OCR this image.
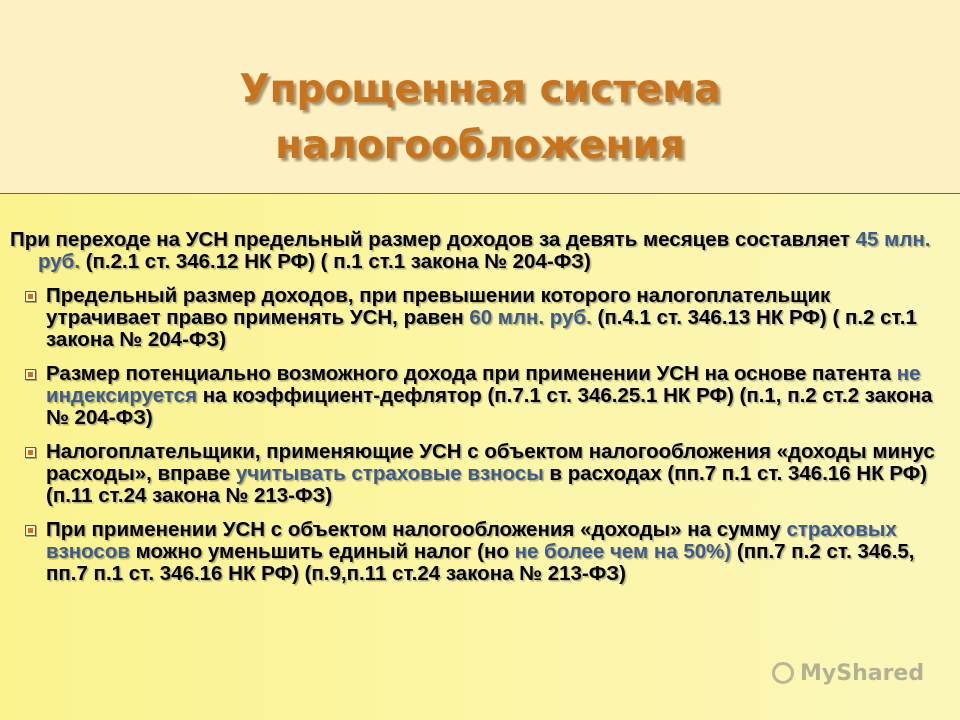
Упрощенная система
налогообложения

При переходе на УСН предельный размер доходов за девять месяцев составляет 45 млн. руб. (п.2.1 ст. 346.12 НК РФ) ( п.1 ст.1 закона № 204-ФЗ)

Предельный размер доходов, при превышении которого налогоплательщик утрачивает право применять УСН, равен 60 млн. руб. (п.4.1 ст. 346.13 НК РФ) ( п.2 ст.1 закона № 204-ФЗ)
Размер потенциально возможного дохода при применении УСН на основе патента не индексируется на коэффициент-дефлятор (п.7.1 ст. 346.25.1 НК РФ) (п.1, п.2 ст.2 закона № 204-ФЗ)
Налогоплательщики, применяющие УСН с объектом налогообложения «доходы минус расходы», вправе учитывать страховые взносы в расходах (пп.7 п.1 ст. 346.16 НК РФ) (п.11 ст.24 закона № 213-ФЗ)
При применении УСН с объектом налогообложения «доходы» на сумму страховых взносов можно уменьшить единый налог (но не более чем на 50%) (пп.7 п.2 ст. 346.5, пп.7 п.1 ст. 346.16 НК РФ) (п.9,п.11 ст.24 закона № 213-ФЗ)
MyShared
